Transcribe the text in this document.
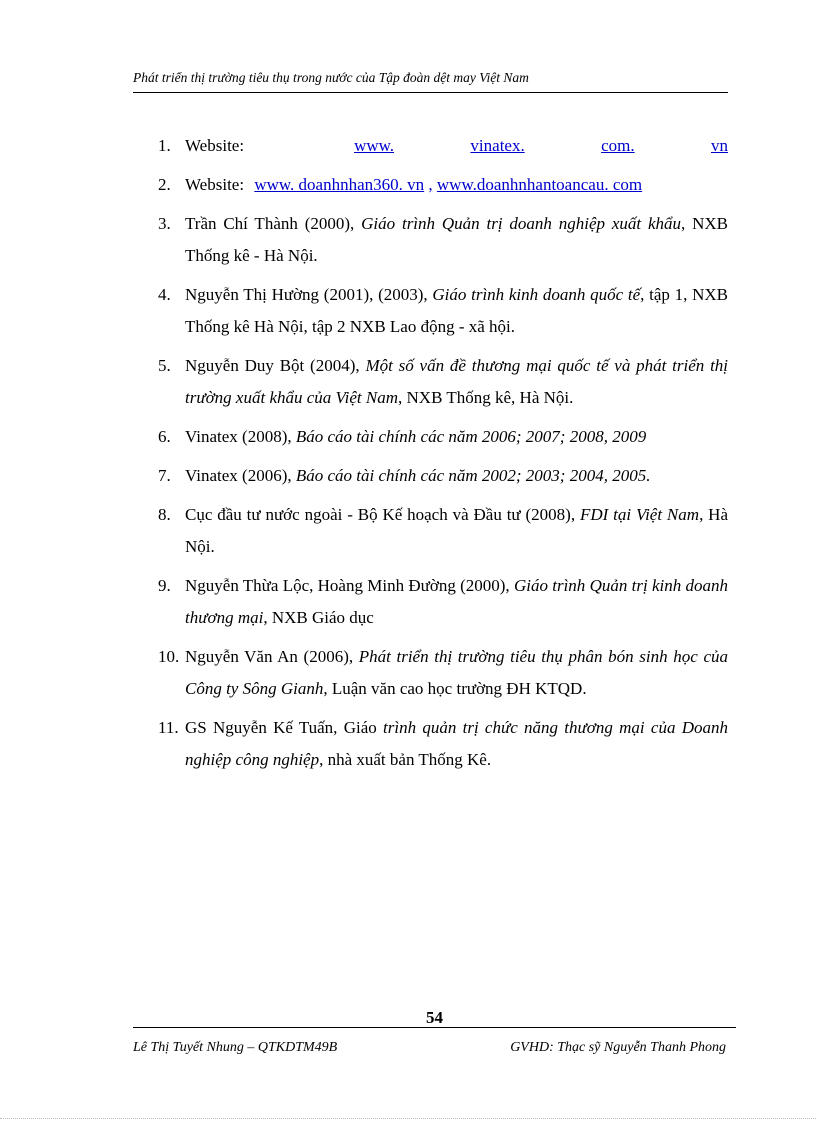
Phát triển thị trường tiêu thụ trong nước của Tập đoàn dệt may Việt Nam
1. Website:	www.	vinatex.	com.	vn
2. Website: www. doanhnhan360. vn , www.doanhnhantoancau. com
3. Trần Chí Thành (2000), Giáo trình Quản trị doanh nghiệp xuất khẩu, NXB Thống kê - Hà Nội.
4. Nguyễn Thị Hường (2001), (2003), Giáo trình kinh doanh quốc tế, tập 1, NXB Thống kê Hà Nội, tập 2 NXB Lao động - xã hội.
5. Nguyễn Duy Bột (2004), Một số vấn đề thương mại quốc tế và phát triển thị trường xuất khẩu của Việt Nam, NXB Thống kê, Hà Nội.
6. Vinatex (2008), Báo cáo tài chính các năm 2006; 2007; 2008, 2009
7. Vinatex (2006), Báo cáo tài chính các năm 2002; 2003; 2004, 2005.
8. Cục đầu tư nước ngoài - Bộ Kế hoạch và Đầu tư (2008), FDI tại Việt Nam, Hà Nội.
9. Nguyễn Thừa Lộc, Hoàng Minh Đường (2000), Giáo trình Quản trị kinh doanh thương mại, NXB Giáo dục
10. Nguyễn Văn An (2006), Phát triển thị trường tiêu thụ phân bón sinh học của Công ty Sông Gianh, Luận văn cao học trường ĐH KTQD.
11. GS Nguyễn Kế Tuấn, Giáo trình quản trị chức năng thương mại của Doanh nghiệp công nghiệp, nhà xuất bản Thống Kê.
54
Lê Thị Tuyết Nhung – QTKDTM49B	GVHD: Thạc sỹ Nguyễn Thanh Phong
